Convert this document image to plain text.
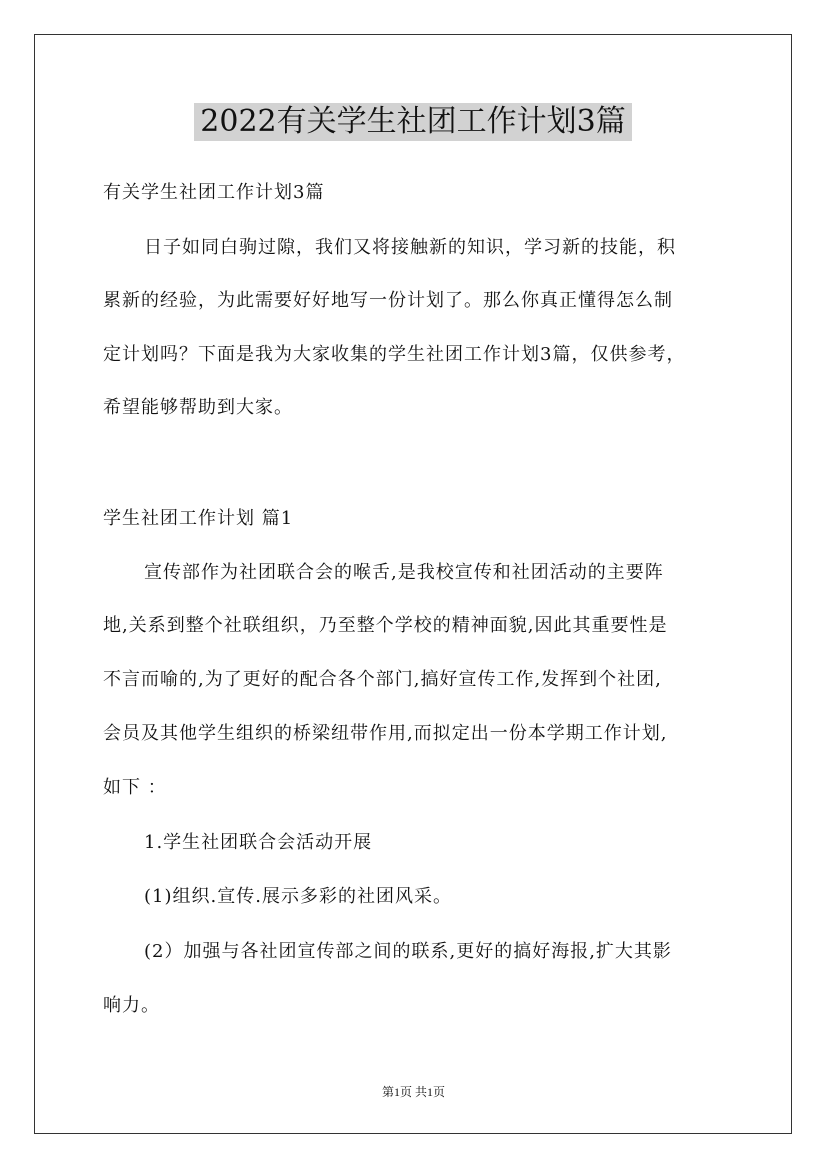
2022有关学生社团工作计划3篇
有关学生社团工作计划3篇
日子如同白驹过隙，我们又将接触新的知识，学习新的技能，积
累新的经验，为此需要好好地写一份计划了。那么你真正懂得怎么制
定计划吗？下面是我为大家收集的学生社团工作计划3篇，仅供参考，
希望能够帮助到大家。
学生社团工作计划 篇1
宣传部作为社团联合会的喉舌,是我校宣传和社团活动的主要阵
地,关系到整个社联组织，乃至整个学校的精神面貌,因此其重要性是
不言而喻的,为了更好的配合各个部门,搞好宣传工作,发挥到个社团,
会员及其他学生组织的桥梁纽带作用,而拟定出一份本学期工作计划,
如下 ：
1.学生社团联合会活动开展
(1)组织.宣传.展示多彩的社团风采。
(2）加强与各社团宣传部之间的联系,更好的搞好海报,扩大其影
响力。
第1页 共1页
